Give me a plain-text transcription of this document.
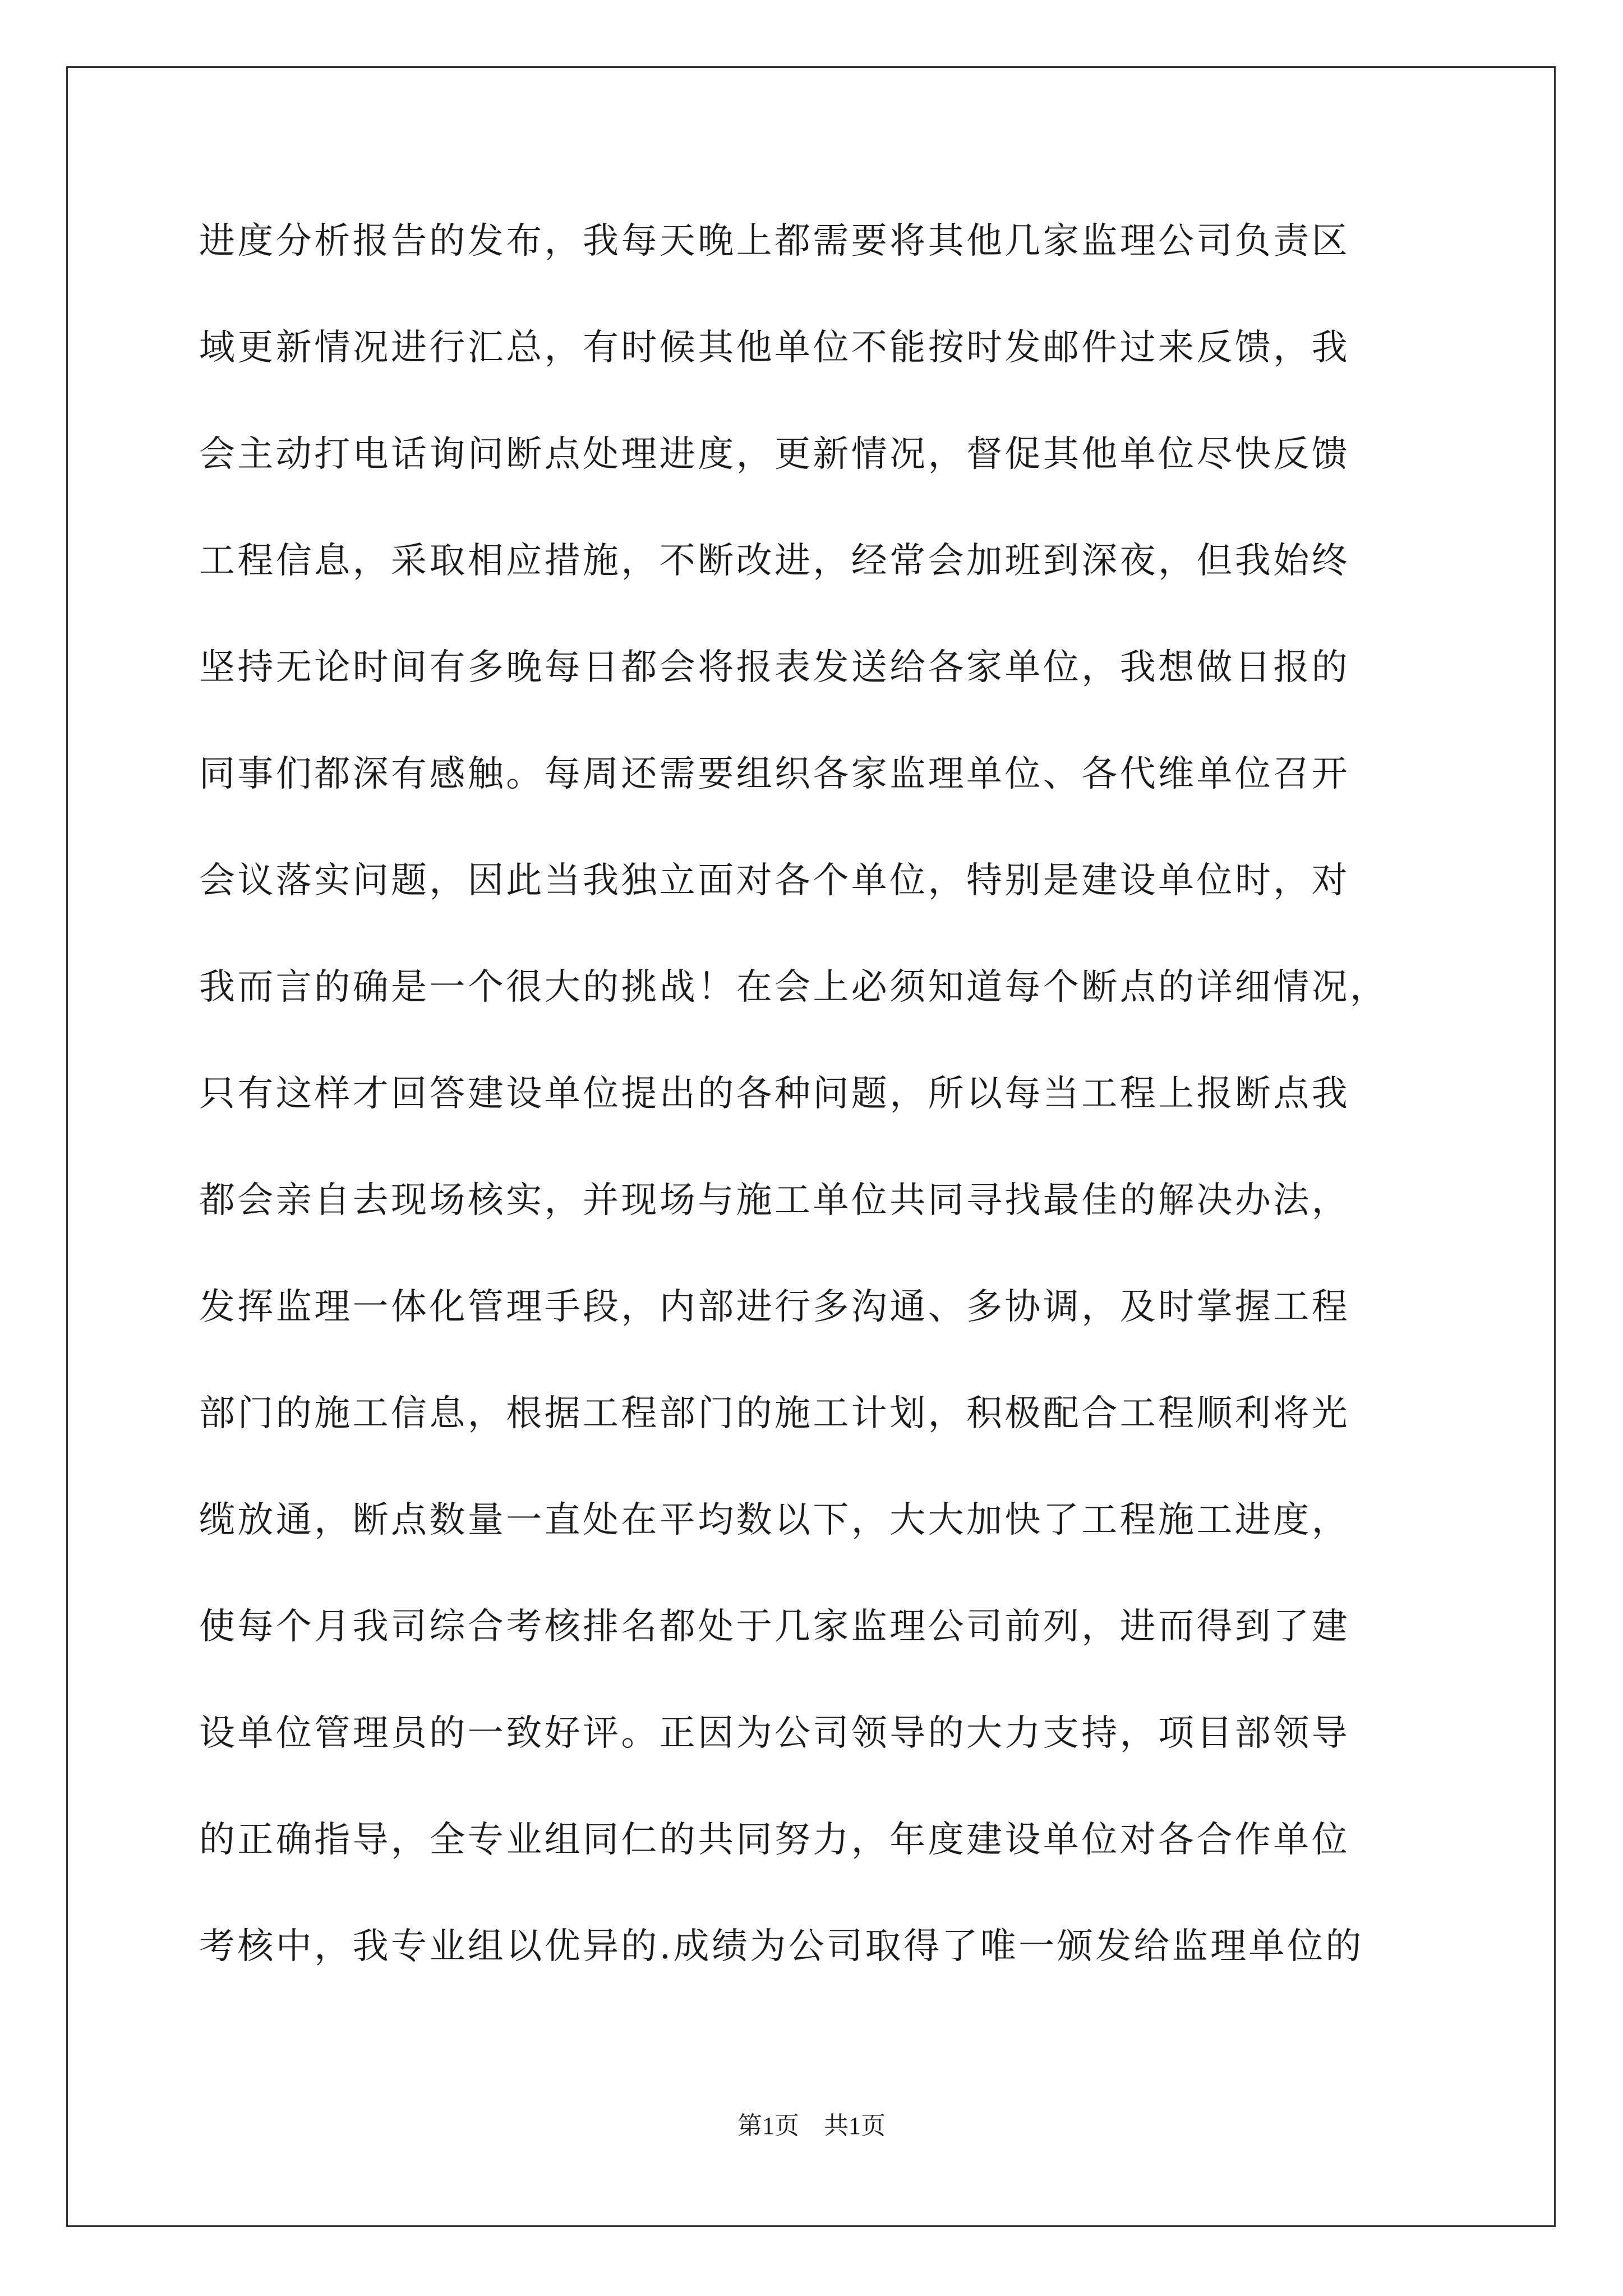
进度分析报告的发布，我每天晚上都需要将其他几家监理公司负责区
域更新情况进行汇总，有时候其他单位不能按时发邮件过来反馈，我
会主动打电话询问断点处理进度，更新情况，督促其他单位尽快反馈
工程信息，采取相应措施，不断改进，经常会加班到深夜，但我始终
坚持无论时间有多晚每日都会将报表发送给各家单位，我想做日报的
同事们都深有感触。每周还需要组织各家监理单位、各代维单位召开
会议落实问题，因此当我独立面对各个单位，特别是建设单位时，对
我而言的确是一个很大的挑战！在会上必须知道每个断点的详细情况，
只有这样才回答建设单位提出的各种问题，所以每当工程上报断点我
都会亲自去现场核实，并现场与施工单位共同寻找最佳的解决办法，
发挥监理一体化管理手段，内部进行多沟通、多协调，及时掌握工程
部门的施工信息，根据工程部门的施工计划，积极配合工程顺利将光
缆放通，断点数量一直处在平均数以下，大大加快了工程施工进度，
使每个月我司综合考核排名都处于几家监理公司前列，进而得到了建
设单位管理员的一致好评。正因为公司领导的大力支持，项目部领导
的正确指导，全专业组同仁的共同努力，年度建设单位对各合作单位
考核中，我专业组以优异的.成绩为公司取得了唯一颁发给监理单位的
第1页 共1页
